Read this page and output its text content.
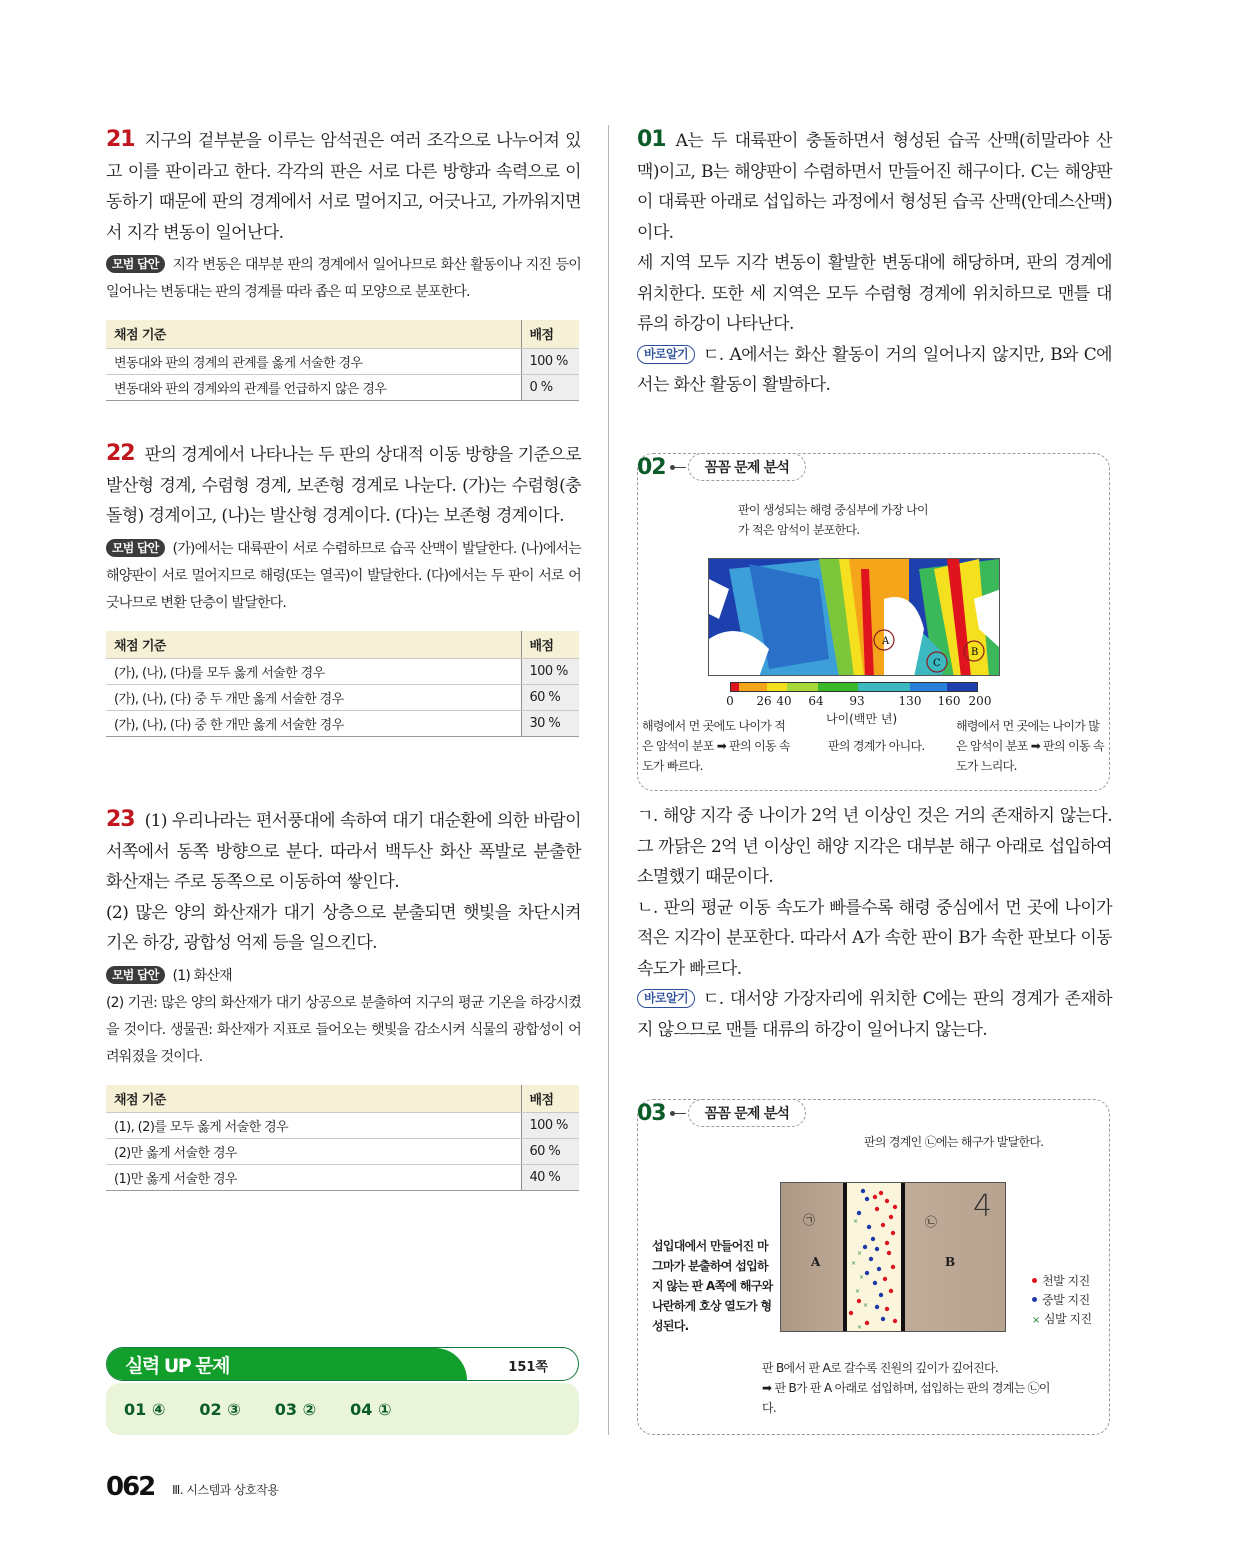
21 지구의 겉부분을 이루는 암석권은 여러 조각으로 나누어져 있고 이를 판이라고 한다. 각각의 판은 서로 다른 방향과 속력으로 이동하기 때문에 판의 경계에서 서로 멀어지고, 어긋나고, 가까워지면서 지각 변동이 일어난다.

모범 답안 지각 변동은 대부분 판의 경계에서 일어나므로 화산 활동이나 지진 등이 일어나는 변동대는 판의 경계를 따라 좁은 띠 모양으로 분포한다.

채점 기준	배점
변동대와 판의 경계의 관계를 옳게 서술한 경우	100 %
변동대와 판의 경계와의 관계를 언급하지 않은 경우	0 %

22 판의 경계에서 나타나는 두 판의 상대적 이동 방향을 기준으로 발산형 경계, 수렴형 경계, 보존형 경계로 나눈다. (가)는 수렴형(충돌형) 경계이고, (나)는 발산형 경계이다. (다)는 보존형 경계이다.

모범 답안 (가)에서는 대륙판이 서로 수렴하므로 습곡 산맥이 발달한다. (나)에서는 해양판이 서로 멀어지므로 해령(또는 열곡)이 발달한다. (다)에서는 두 판이 서로 어긋나므로 변환 단층이 발달한다.

채점 기준	배점
(가), (나), (다)를 모두 옳게 서술한 경우	100 %
(가), (나), (다) 중 두 개만 옳게 서술한 경우	60 %
(가), (나), (다) 중 한 개만 옳게 서술한 경우	30 %

23 (1) 우리나라는 편서풍대에 속하여 대기 대순환에 의한 바람이 서쪽에서 동쪽 방향으로 분다. 따라서 백두산 화산 폭발로 분출한 화산재는 주로 동쪽으로 이동하여 쌓인다.

(2) 많은 양의 화산재가 대기 상층으로 분출되면 햇빛을 차단시켜 기온 하강, 광합성 억제 등을 일으킨다.

모범 답안 (1) 화산재

(2) 기권: 많은 양의 화산재가 대기 상공으로 분출하여 지구의 평균 기온을 하강시켰을 것이다. 생물권: 화산재가 지표로 들어오는 햇빛을 감소시켜 식물의 광합성이 어려워졌을 것이다.

채점 기준	배점
(1), (2)를 모두 옳게 서술한 경우	100 %
(2)만 옳게 서술한 경우	60 %
(1)만 옳게 서술한 경우	40 %
실력 UP 문제	151쪽
01 ④ 02 ③ 03 ② 04 ①
062 Ⅲ. 시스템과 상호작용

01 A는 두 대륙판이 충돌하면서 형성된 습곡 산맥(히말라야 산맥)이고, B는 해양판이 수렴하면서 만들어진 해구이다. C는 해양판이 대륙판 아래로 섭입하는 과정에서 형성된 습곡 산맥(안데스산맥)이다.

세 지역 모두 지각 변동이 활발한 변동대에 해당하며, 판의 경계에 위치한다. 또한 세 지역은 모두 수렴형 경계에 위치하므로 맨틀 대류의 하강이 나타난다.

바로알기 ㄷ. A에서는 화산 활동이 거의 일어나지 않지만, B와 C에서는 화산 활동이 활발하다.

판이 생성되는 해령 중심부에 가장 나이가 적은 암석이 분포한다.
A
C
B
0 26 40 64 93	130 160 200
나이(백만 년)
해령에서 먼 곳에도 나이가 적은 암석이 분포 ➡ 판의 이동 속도가 빠르다.
판의 경계가 아니다.
해령에서 먼 곳에는 나이가 많은 암석이 분포 ➡ 판의 이동 속도가 느리다.
02	꼼꼼 문제 분석

ㄱ. 해양 지각 중 나이가 2억 년 이상인 것은 거의 존재하지 않는다. 그 까닭은 2억 년 이상인 해양 지각은 대부분 해구 아래로 섭입하여 소멸했기 때문이다.

ㄴ. 판의 평균 이동 속도가 빠를수록 해령 중심에서 먼 곳에 나이가 적은 지각이 분포한다. 따라서 A가 속한 판이 B가 속한 판보다 이동 속도가 빠르다.

바로알기 ㄷ. 대서양 가장자리에 위치한 C에는 판의 경계가 존재하지 않으므로 맨틀 대류의 하강이 일어나지 않는다.

판의 경계인 ㉡에는 해구가 발달한다.
×
×
×
×
×
×
×
A	B
㉠	㉡ 4
섭입대에서 만들어진 마그마가 분출하여 섭입하지 않는 판 A쪽에 해구와 나란하게 호상 열도가 형성된다.
천발 지진
중발 지진
× 심발 지진
판 B에서 판 A로 갈수록 진원의 깊이가 깊어진다.
➡ 판 B가 판 A 아래로 섭입하며, 섭입하는 판의 경계는 ㉡이다.
03	꼼꼼 문제 분석
